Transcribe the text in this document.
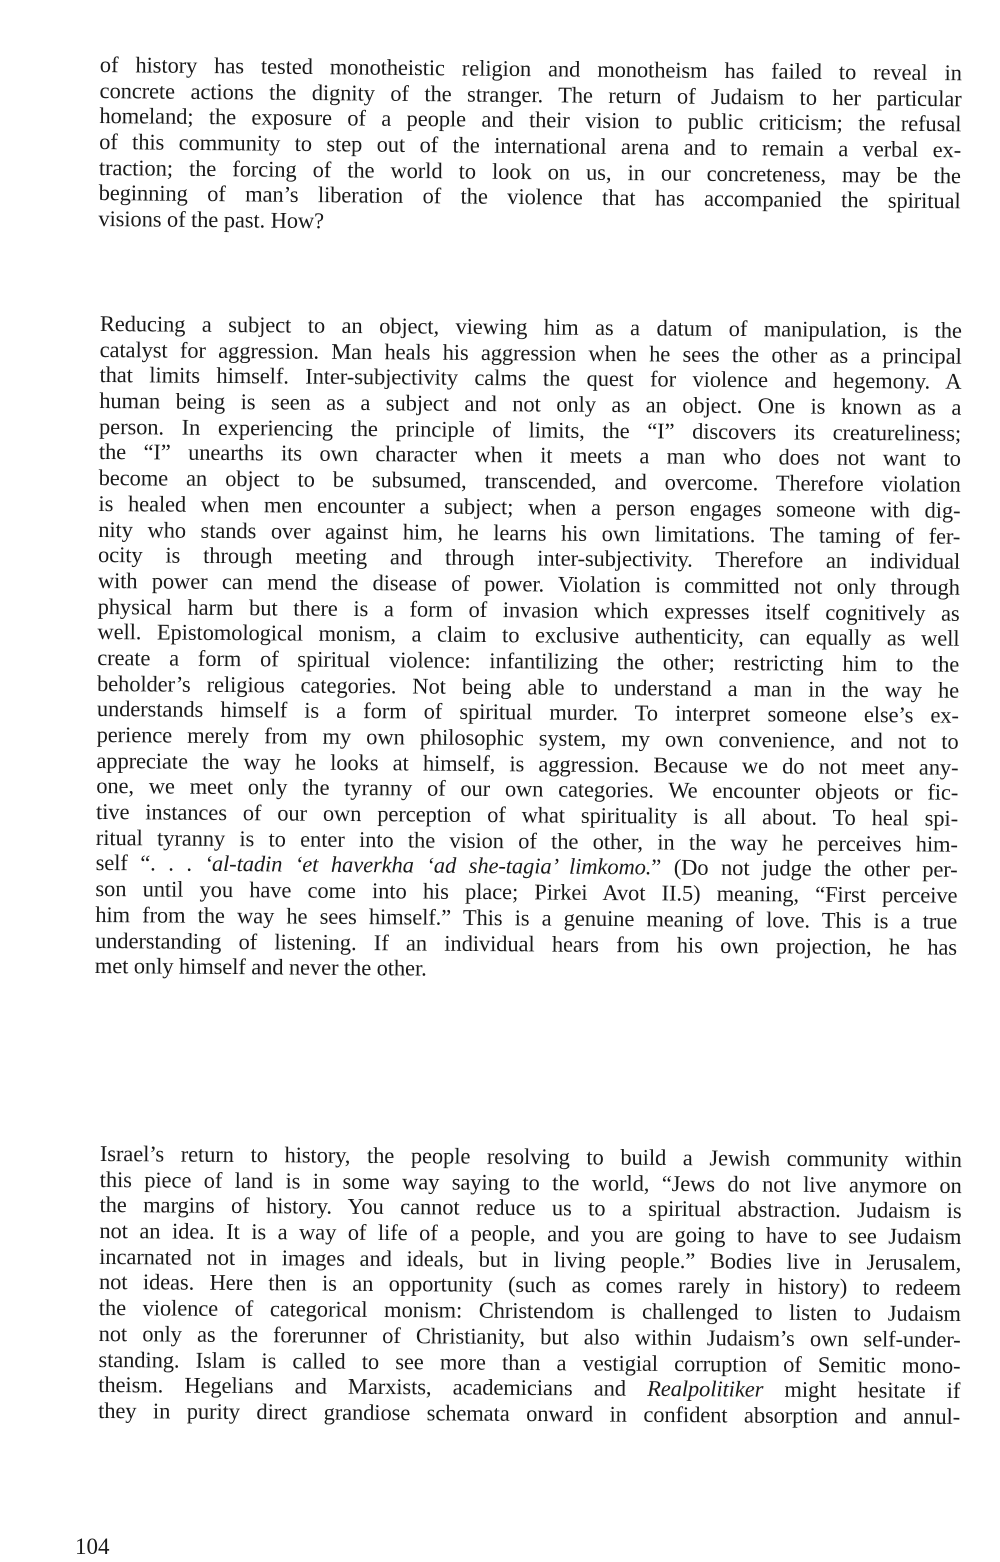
of history has tested monotheistic religion and monotheism has failed to reveal in
concrete actions the dignity of the stranger. The return of Judaism to her particular
homeland; the exposure of a people and their vision to public criticism; the refusal
of this community to step out of the international arena and to remain a verbal ex-
traction; the forcing of the world to look on us, in our concreteness, may be the
beginning of man’s liberation of the violence that has accompanied the spiritual
visions of the past. How?
Reducing a subject to an object, viewing him as a datum of manipulation, is the
catalyst for aggression. Man heals his aggression when he sees the other as a principal
that limits himself. Inter-subjectivity calms the quest for violence and hegemony. A
human being is seen as a subject and not only as an object. One is known as a
person. In experiencing the principle of limits, the “I” discovers its creatureliness;
the “I” unearths its own character when it meets a man who does not want to
become an object to be subsumed, transcended, and overcome. Therefore violation
is healed when men encounter a subject; when a person engages someone with dig-
nity who stands over against him, he learns his own limitations. The taming of fer-
ocity is through meeting and through inter-subjectivity. Therefore an individual
with power can mend the disease of power. Violation is committed not only through
physical harm but there is a form of invasion which expresses itself cognitively as
well. Epistomological monism, a claim to exclusive authenticity, can equally as well
create a form of spiritual violence: infantilizing the other; restricting him to the
beholder’s religious categories. Not being able to understand a man in the way he
understands himself is a form of spiritual murder. To interpret someone else’s ex-
perience merely from my own philosophic system, my own convenience, and not to
appreciate the way he looks at himself, is aggression. Because we do not meet any-
one, we meet only the tyranny of our own categories. We encounter objeots or fic-
tive instances of our own perception of what spirituality is all about. To heal spi-
ritual tyranny is to enter into the vision of the other, in the way he perceives him-
self “. . . ʻal-tadin ʻet haverkha ʻad she-tagia’ limkomo.” (Do not judge the other per-
son until you have come into his place; Pirkei Avot II.5) meaning, “First perceive
him from the way he sees himself.” This is a genuine meaning of love. This is a true
understanding of listening. If an individual hears from his own projection, he has
met only himself and never the other.
Israel’s return to history, the people resolving to build a Jewish community within
this piece of land is in some way saying to the world, “Jews do not live anymore on
the margins of history. You cannot reduce us to a spiritual abstraction. Judaism is
not an idea. It is a way of life of a people, and you are going to have to see Judaism
incarnated not in images and ideals, but in living people.” Bodies live in Jerusalem,
not ideas. Here then is an opportunity (such as comes rarely in history) to redeem
the violence of categorical monism: Christendom is challenged to listen to Judaism
not only as the forerunner of Christianity, but also within Judaism’s own self-under-
standing. Islam is called to see more than a vestigial corruption of Semitic mono-
theism. Hegelians and Marxists, academicians and Realpolitiker might hesitate if
they in purity direct grandiose schemata onward in confident absorption and annul-
104
